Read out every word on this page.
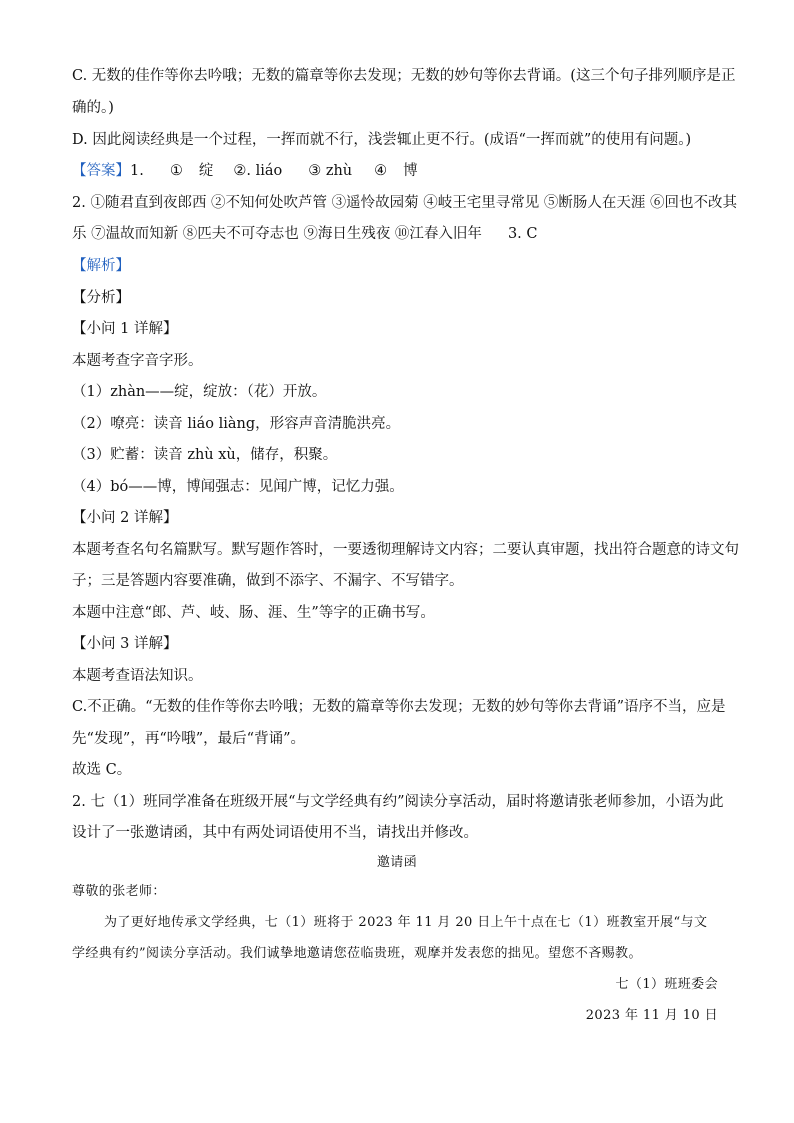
C. 无数的佳作等你去吟哦；无数的篇章等你去发现；无数的妙句等你去背诵。(这三个句子排列顺序是正
确的。)
D. 因此阅读经典是一个过程，一挥而就不行，浅尝辄止更不行。(成语“一挥而就”的使用有问题。)
【答案】1. ① 绽 ②. liáo ③ zhù ④ 博
2. ①随君直到夜郎西 ②不知何处吹芦管 ③遥怜故园菊 ④岐王宅里寻常见 ⑤断肠人在天涯 ⑥回也不改其
乐 ⑦温故而知新 ⑧匹夫不可夺志也 ⑨海日生残夜 ⑩江春入旧年 3. C
【解析】
【分析】
【小问 1 详解】
本题考查字音字形。
（1）zhàn——绽，绽放：（花）开放。
（2）嘹亮：读音 liáo liàng，形容声音清脆洪亮。
（3）贮蓄：读音 zhù xù，储存，积聚。
（4）bó——博，博闻强志：见闻广博，记忆力强。
【小问 2 详解】
本题考查名句名篇默写。默写题作答时，一要透彻理解诗文内容；二要认真审题，找出符合题意的诗文句
子；三是答题内容要准确，做到不添字、不漏字、不写错字。
本题中注意“郎、芦、岐、肠、涯、生”等字的正确书写。
【小问 3 详解】
本题考查语法知识。
C.不正确。“无数的佳作等你去吟哦；无数的篇章等你去发现；无数的妙句等你去背诵”语序不当，应是
先“发现”，再“吟哦”，最后“背诵”。
故选 C。
2. 七（1）班同学准备在班级开展“与文学经典有约”阅读分享活动，届时将邀请张老师参加，小语为此
设计了一张邀请函，其中有两处词语使用不当，请找出并修改。
邀请函
尊敬的张老师：
为了更好地传承文学经典，七（1）班将于 2023 年 11 月 20 日上午十点在七（1）班教室开展“与文
学经典有约”阅读分享活动。我们诚挚地邀请您莅临贵班，观摩并发表您的拙见。望您不吝赐教。
七（1）班班委会
2023 年 11 月 10 日
